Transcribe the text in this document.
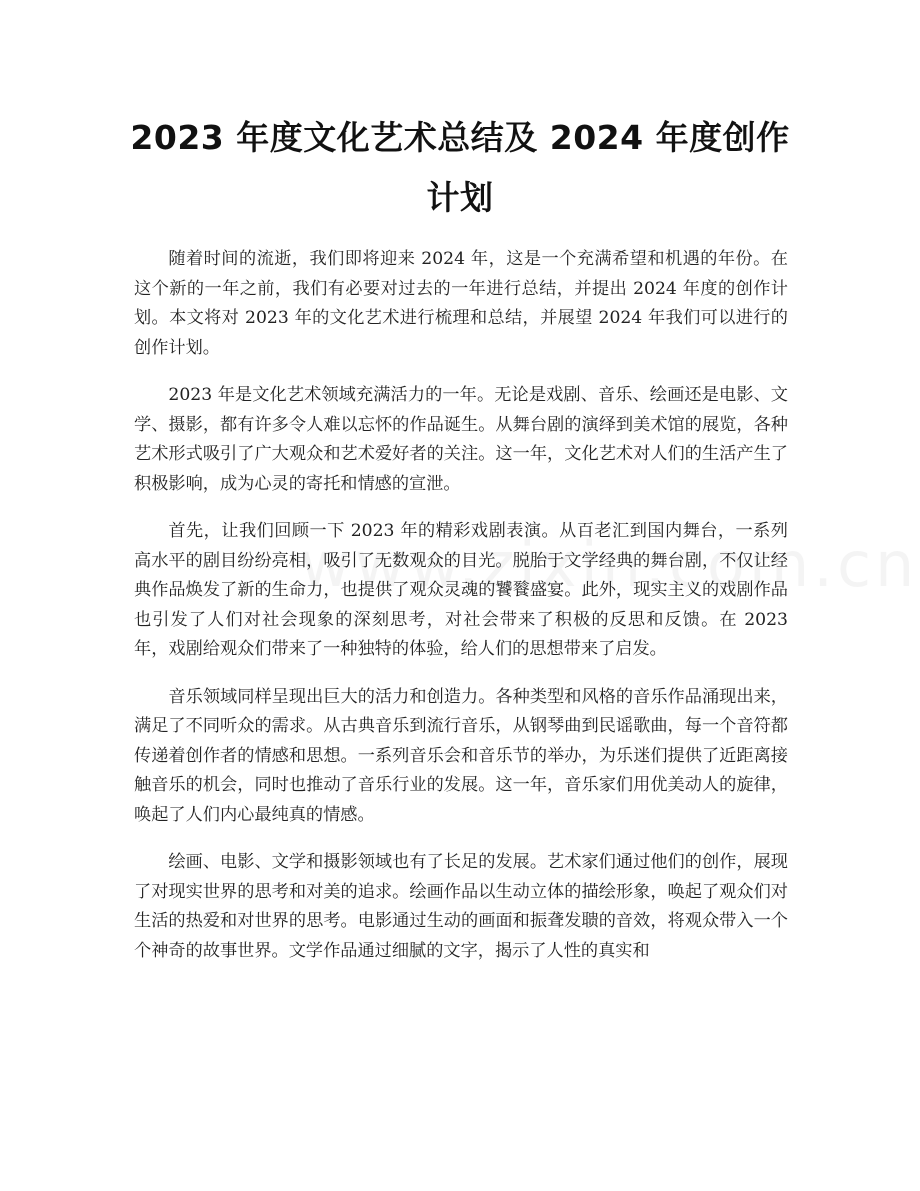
2023 年度文化艺术总结及 2024 年度创作计划

随着时间的流逝，我们即将迎来 2024 年，这是一个充满希望和机遇的年份。在这个新的一年之前，我们有必要对过去的一年进行总结，并提出 2024 年度的创作计划。本文将对 2023 年的文化艺术进行梳理和总结，并展望 2024 年我们可以进行的创作计划。

2023 年是文化艺术领域充满活力的一年。无论是戏剧、音乐、绘画还是电影、文学、摄影，都有许多令人难以忘怀的作品诞生。从舞台剧的演绎到美术馆的展览，各种艺术形式吸引了广大观众和艺术爱好者的关注。这一年，文化艺术对人们的生活产生了积极影响，成为心灵的寄托和情感的宣泄。

首先，让我们回顾一下 2023 年的精彩戏剧表演。从百老汇到国内舞台，一系列高水平的剧目纷纷亮相，吸引了无数观众的目光。脱胎于文学经典的舞台剧，不仅让经典作品焕发了新的生命力，也提供了观众灵魂的饕餮盛宴。此外，现实主义的戏剧作品也引发了人们对社会现象的深刻思考，对社会带来了积极的反思和反馈。在 2023 年，戏剧给观众们带来了一种独特的体验，给人们的思想带来了启发。

音乐领域同样呈现出巨大的活力和创造力。各种类型和风格的音乐作品涌现出来，满足了不同听众的需求。从古典音乐到流行音乐，从钢琴曲到民谣歌曲，每一个音符都传递着创作者的情感和思想。一系列音乐会和音乐节的举办，为乐迷们提供了近距离接触音乐的机会，同时也推动了音乐行业的发展。这一年，音乐家们用优美动人的旋律，唤起了人们内心最纯真的情感。

绘画、电影、文学和摄影领域也有了长足的发展。艺术家们通过他们的创作，展现了对现实世界的思考和对美的追求。绘画作品以生动立体的描绘形象，唤起了观众们对生活的热爱和对世界的思考。电影通过生动的画面和振聋发聩的音效，将观众带入一个个神奇的故事世界。文学作品通过细腻的文字，揭示了人性的真实和
